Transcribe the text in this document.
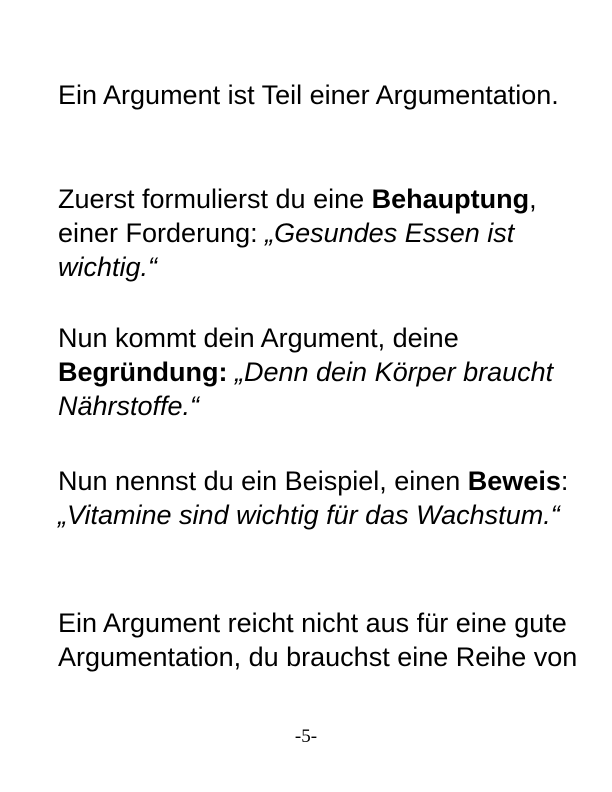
Ein Argument ist Teil einer Argumentation.

Zuerst formulierst du eine Behauptung, einer Forderung: „Gesundes Essen ist wichtig.“

Nun kommt dein Argument, deine Begründung: „Denn dein Körper braucht Nährstoffe.“

Nun nennst du ein Beispiel, einen Beweis: „Vitamine sind wichtig für das Wachstum.“

Ein Argument reicht nicht aus für eine gute Argumentation, du brauchst eine Reihe von

-5-
